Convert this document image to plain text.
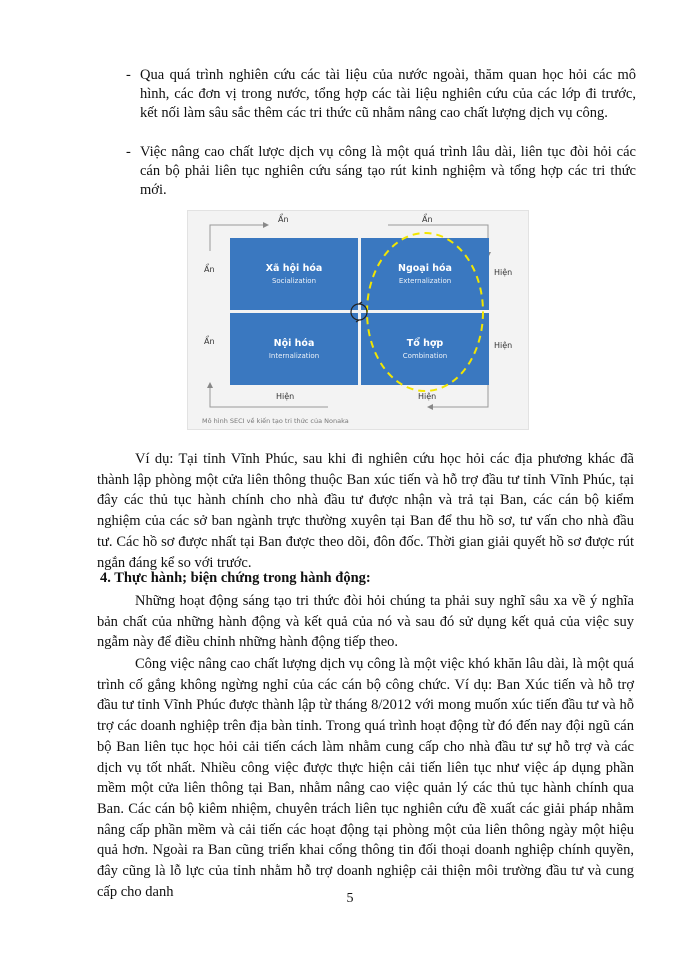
- Qua quá trình nghiên cứu các tài liệu của nước ngoài, thăm quan học hỏi các mô hình, các đơn vị trong nước, tổng hợp các tài liệu nghiên cứu của các lớp đi trước, kết nối làm sâu sắc thêm các tri thức cũ nhằm nâng cao chất lượng dịch vụ công.
- Việc nâng cao chất lược dịch vụ công là một quá trình lâu dài, liên tục đòi hỏi các cán bộ phải liên tục nghiên cứu sáng tạo rút kinh nghiệm và tổng hợp các tri thức mới.
Xã hội hóa
Socialization
Ngoại hóa
Externalization
Nội hóa
Internalization
Tổ hợp
Combination
Ẩn	Ẩn
Ẩn
Ẩn
Hiện
Hiện
Hiện	Hiện
Mô hình SECI về kiến tạo tri thức của Nonaka
Ví dụ: Tại tỉnh Vĩnh Phúc, sau khi đi nghiên cứu học hỏi các địa phương khác đã thành lập phòng một cửa liên thông thuộc Ban xúc tiến và hỗ trợ đầu tư tỉnh Vĩnh Phúc, tại đây các thủ tục hành chính cho nhà đầu tư được nhận và trả tại Ban, các cán bộ kiểm nghiệm của các sở ban ngành trực thường xuyên tại Ban để thu hồ sơ, tư vấn cho nhà đầu tư. Các hồ sơ được nhất tại Ban được theo dõi, đôn đốc. Thời gian giải quyết hồ sơ được rút ngắn đáng kể so với trước.
4. Thực hành; biện chứng trong hành động:
Những hoạt động sáng tạo tri thức đòi hỏi chúng ta phải suy nghĩ sâu xa về ý nghĩa bản chất của những hành động và kết quả của nó và sau đó sử dụng kết quả của việc suy ngẫm này để điều chỉnh những hành động tiếp theo.
Công việc nâng cao chất lượng dịch vụ công là một việc khó khăn lâu dài, là một quá trình cố gắng không ngừng nghỉ của các cán bộ công chức. Ví dụ: Ban Xúc tiến và hỗ trợ đầu tư tỉnh Vĩnh Phúc được thành lập từ tháng 8/2012 với mong muốn xúc tiến đầu tư và hỗ trợ các doanh nghiệp trên địa bàn tỉnh. Trong quá trình hoạt động từ đó đến nay đội ngũ cán bộ Ban liên tục học hỏi cải tiến cách làm nhằm cung cấp cho nhà đầu tư sự hỗ trợ và các dịch vụ tốt nhất. Nhiều công việc được thực hiện cải tiến liên tục như việc áp dụng phần mềm một cửa liên thông tại Ban, nhằm nâng cao việc quản lý các thủ tục hành chính qua Ban. Các cán bộ kiêm nhiệm, chuyên trách liên tục nghiên cứu đề xuất các giải pháp nhằm nâng cấp phần mềm và cải tiến các hoạt động tại phòng một của liên thông ngày một hiệu quả hơn. Ngoài ra Ban cũng triển khai cổng thông tin đối thoại doanh nghiệp chính quyền, đây cũng là lỗ lực của tỉnh nhằm hỗ trợ doanh nghiệp cải thiện môi trường đầu tư và cung cấp cho danh	5
